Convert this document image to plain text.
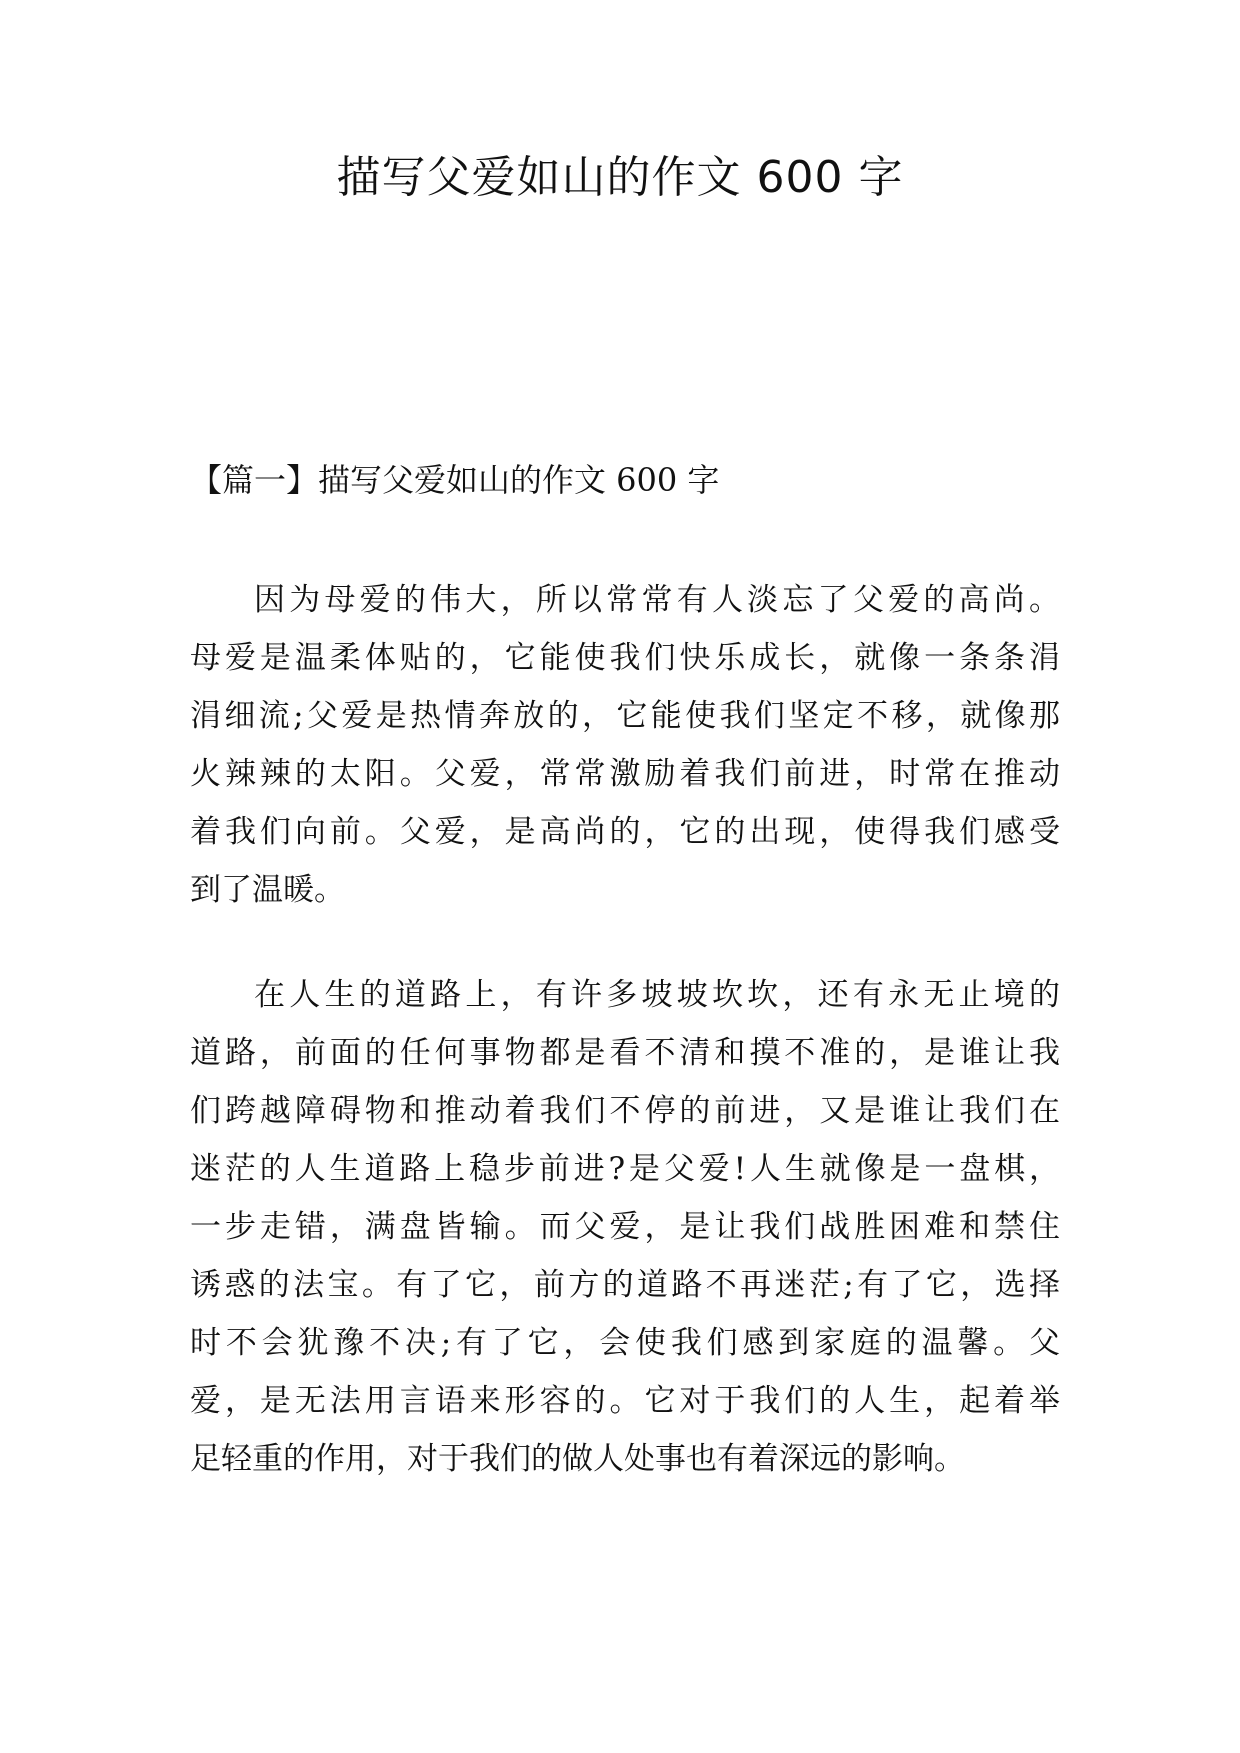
描写父爱如山的作文 600 字
【篇一】描写父爱如山的作文 600 字
因为母爱的伟大，所以常常有人淡忘了父爱的高尚。
母爱是温柔体贴的，它能使我们快乐成长，就像一条条涓
涓细流;父爱是热情奔放的，它能使我们坚定不移，就像那
火辣辣的太阳。父爱，常常激励着我们前进，时常在推动
着我们向前。父爱，是高尚的，它的出现，使得我们感受
到了温暖。
在人生的道路上，有许多坡坡坎坎，还有永无止境的
道路，前面的任何事物都是看不清和摸不准的，是谁让我
们跨越障碍物和推动着我们不停的前进，又是谁让我们在
迷茫的人生道路上稳步前进?是父爱!人生就像是一盘棋，
一步走错，满盘皆输。而父爱，是让我们战胜困难和禁住
诱惑的法宝。有了它，前方的道路不再迷茫;有了它，选择
时不会犹豫不决;有了它，会使我们感到家庭的温馨。父
爱，是无法用言语来形容的。它对于我们的人生，起着举
足轻重的作用，对于我们的做人处事也有着深远的影响。
